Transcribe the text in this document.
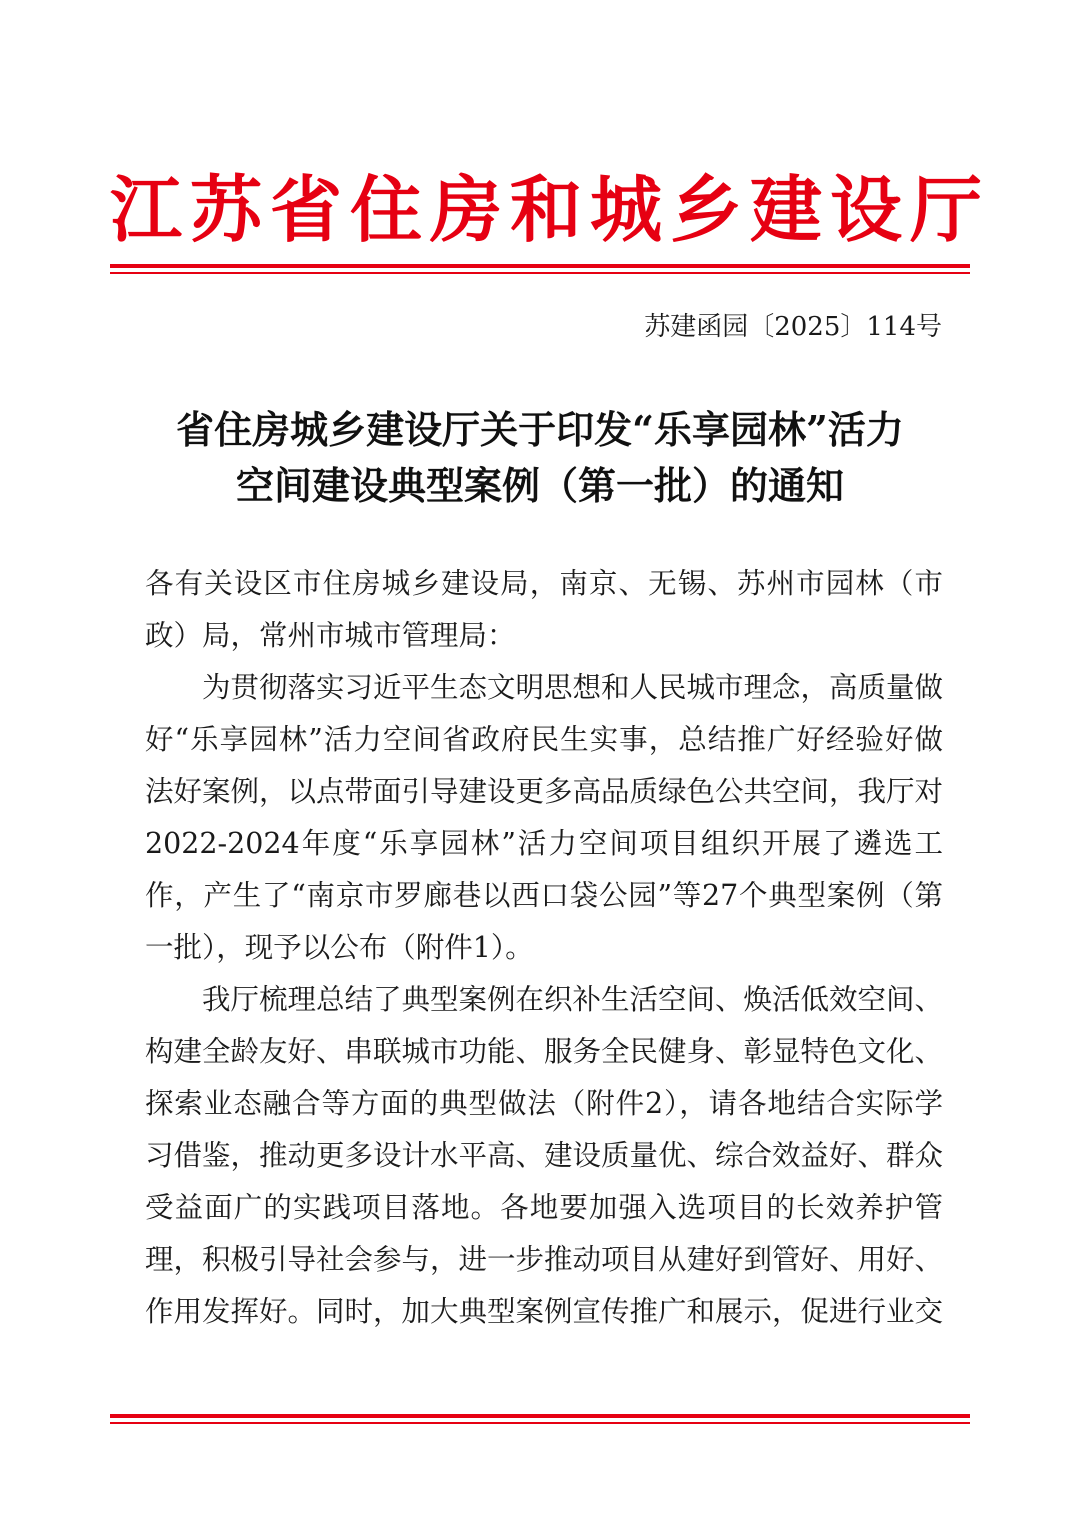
江苏省住房和城乡建设厅
苏建函园〔2025〕114号
省住房城乡建设厅关于印发“乐享园林”活力
空间建设典型案例（第一批）的通知

各有关设区市住房城乡建设局，南京、无锡、苏州市园林（市政）局，常州市城市管理局：

为贯彻落实习近平生态文明思想和人民城市理念，高质量做好“乐享园林”活力空间省政府民生实事，总结推广好经验好做法好案例，以点带面引导建设更多高品质绿色公共空间，我厅对2022-2024年度“乐享园林”活力空间项目组织开展了遴选工作，产生了“南京市罗廊巷以西口袋公园”等27个典型案例（第一批），现予以公布（附件1）。

我厅梳理总结了典型案例在织补生活空间、焕活低效空间、构建全龄友好、串联城市功能、服务全民健身、彰显特色文化、探索业态融合等方面的典型做法（附件2），请各地结合实际学习借鉴，推动更多设计水平高、建设质量优、综合效益好、群众受益面广的实践项目落地。各地要加强入选项目的长效养护管理，积极引导社会参与，进一步推动项目从建好到管好、用好、作用发挥好。同时，加大典型案例宣传推广和展示，促进行业交
